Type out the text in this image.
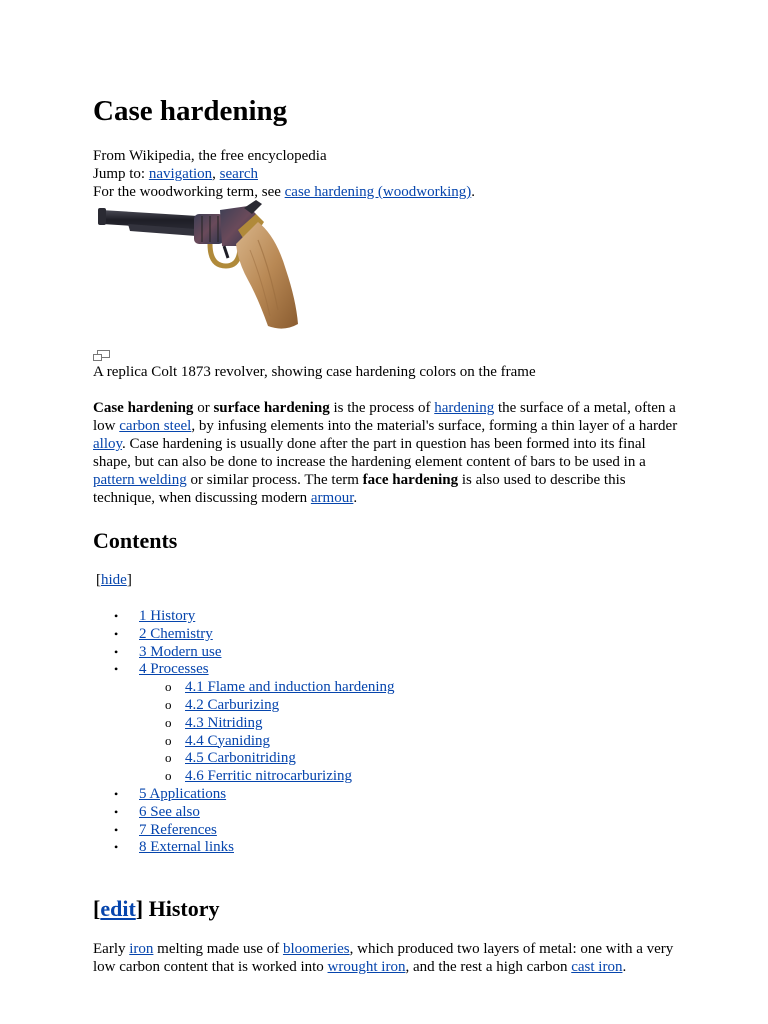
Case hardening
From Wikipedia, the free encyclopedia
Jump to: navigation, search
For the woodworking term, see case hardening (woodworking).
A replica Colt 1873 revolver, showing case hardening colors on the frame
Case hardening or surface hardening is the process of hardening the surface of a metal, often a low carbon steel, by infusing elements into the material's surface, forming a thin layer of a harder alloy. Case hardening is usually done after the part in question has been formed into its final shape, but can also be done to increase the hardening element content of bars to be used in a pattern welding or similar process. The term face hardening is also used to describe this technique, when discussing modern armour.
Contents
[hide]
• 1 History
• 2 Chemistry
• 3 Modern use
• 4 Processes
o 4.1 Flame and induction hardening
o 4.2 Carburizing
o 4.3 Nitriding
o 4.4 Cyaniding
o 4.5 Carbonitriding
o 4.6 Ferritic nitrocarburizing
• 5 Applications
• 6 See also
• 7 References
• 8 External links
[edit] History
Early iron melting made use of bloomeries, which produced two layers of metal: one with a very low carbon content that is worked into wrought iron, and the rest a high carbon cast iron.
